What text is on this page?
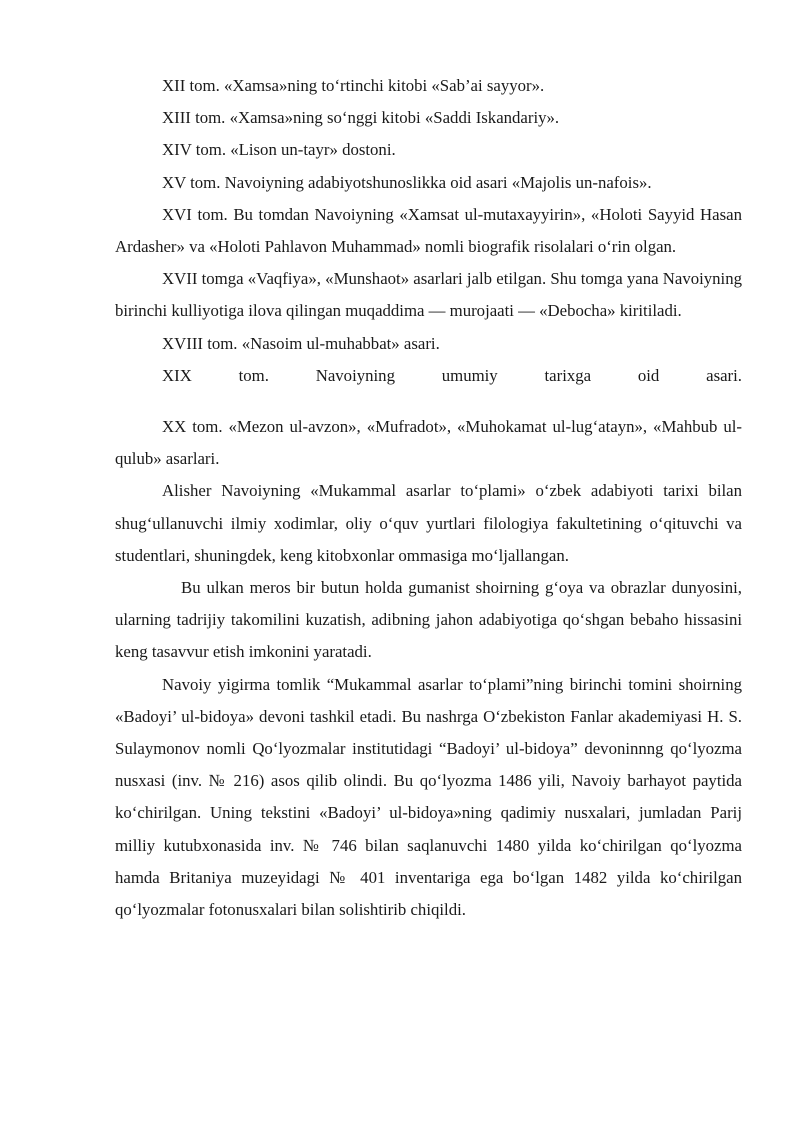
XII tom. «Xamsa»ning to‘rtinchi kitobi «Sab’ai sayyor».

XIII tom. «Xamsa»ning so‘nggi kitobi «Saddi Iskandariy».

XIV tom. «Lison un-tayr» dostoni.

XV tom. Navoiyning adabiyotshunoslikka oid asari «Majolis un-nafois».

XVI tom. Bu tomdan Navoiyning «Xamsat ul-mutaxayyirin», «Holoti Sayyid Hasan Ardasher» va «Holoti Pahlavon Muhammad» nomli biografik risolalari o‘rin olgan.

XVII tomga «Vaqfiya», «Munshaot» asarlari jalb etilgan. Shu tomga yana Navoiyning birinchi kulliyotiga ilova qilingan muqaddima — murojaati — «Debocha» kiritiladi.

XVIII tom. «Nasoim ul-muhabbat» asari.

XIX tom. Navoiyning umumiy tarixga oid asari.

XX tom. «Mezon ul-avzon», «Mufradot», «Muhokamat ul-lug‘atayn», «Mahbub ul-qulub» asarlari.

Alisher Navoiyning «Mukammal asarlar to‘plami» o‘zbek adabiyoti tarixi bilan shug‘ullanuvchi ilmiy xodimlar, oliy o‘quv yurtlari filologiya fakultetining o‘qituvchi va studentlari, shuningdek, keng kitobxonlar ommasiga mo‘ljallangan.

Bu ulkan meros bir butun holda gumanist shoirning g‘oya va obrazlar dunyosini, ularning tadrijiy takomilini kuzatish, adibning jahon adabiyotiga qo‘shgan bebaho hissasini keng tasavvur etish imkonini yaratadi.

Navoiy yigirma tomlik “Mukammal asarlar to‘plami”ning birinchi tomini shoirning «Badoyi’ ul-bidoya» devoni tashkil etadi. Bu nashrga O‘zbekiston Fanlar akademiyasi H. S. Sulaymonov nomli Qo‘lyozmalar institutidagi “Badoyi’ ul-bidoya” devoninnng qo‘lyozma nusxasi (inv. № 216) asos qilib olindi. Bu qo‘lyozma 1486 yili, Navoiy barhayot paytida ko‘chirilgan. Uning tekstini «Badoyi’ ul-bidoya»ning qadimiy nusxalari, jumladan Parij milliy kutubxonasida inv. № 746 bilan saqlanuvchi 1480 yilda ko‘chirilgan qo‘lyozma hamda Britaniya muzeyidagi № 401 inventariga ega bo‘lgan 1482 yilda ko‘chirilgan qo‘lyozmalar fotonusxalari bilan solishtirib chiqildi.
